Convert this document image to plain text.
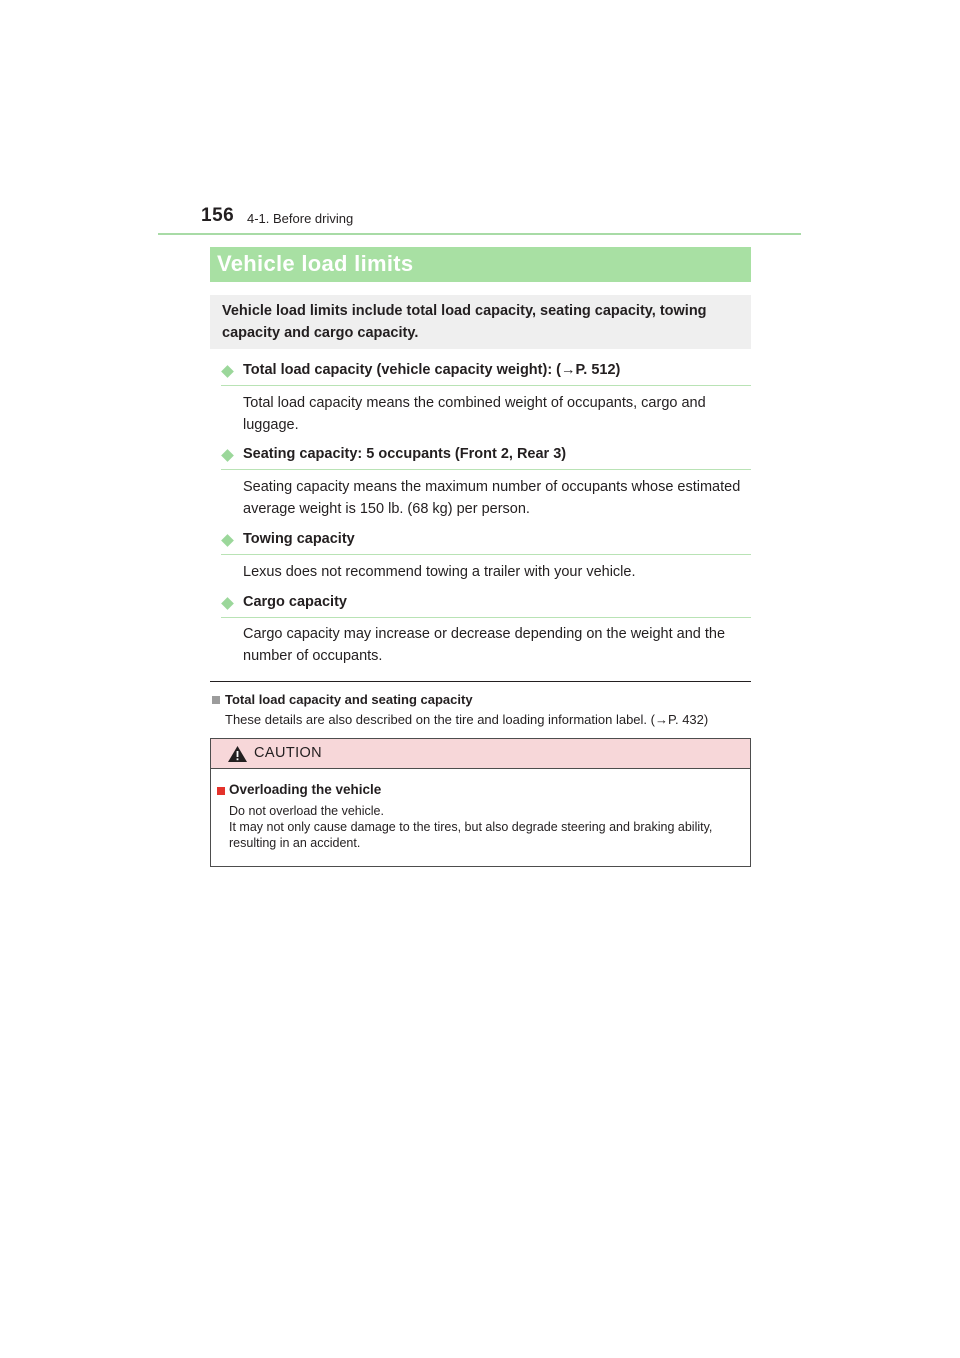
156 4-1. Before driving
Vehicle load limits
Vehicle load limits include total load capacity, seating capacity, towing capacity and cargo capacity.
Total load capacity (vehicle capacity weight): (→P. 512)
Total load capacity means the combined weight of occupants, cargo and luggage.
Seating capacity: 5 occupants (Front 2, Rear 3)
Seating capacity means the maximum number of occupants whose estimated average weight is 150 lb. (68 kg) per person.
Towing capacity
Lexus does not recommend towing a trailer with your vehicle.
Cargo capacity
Cargo capacity may increase or decrease depending on the weight and the number of occupants.
Total load capacity and seating capacity
These details are also described on the tire and loading information label. (→P. 432)
CAUTION
Overloading the vehicle
Do not overload the vehicle.
It may not only cause damage to the tires, but also degrade steering and braking ability,
resulting in an accident.
